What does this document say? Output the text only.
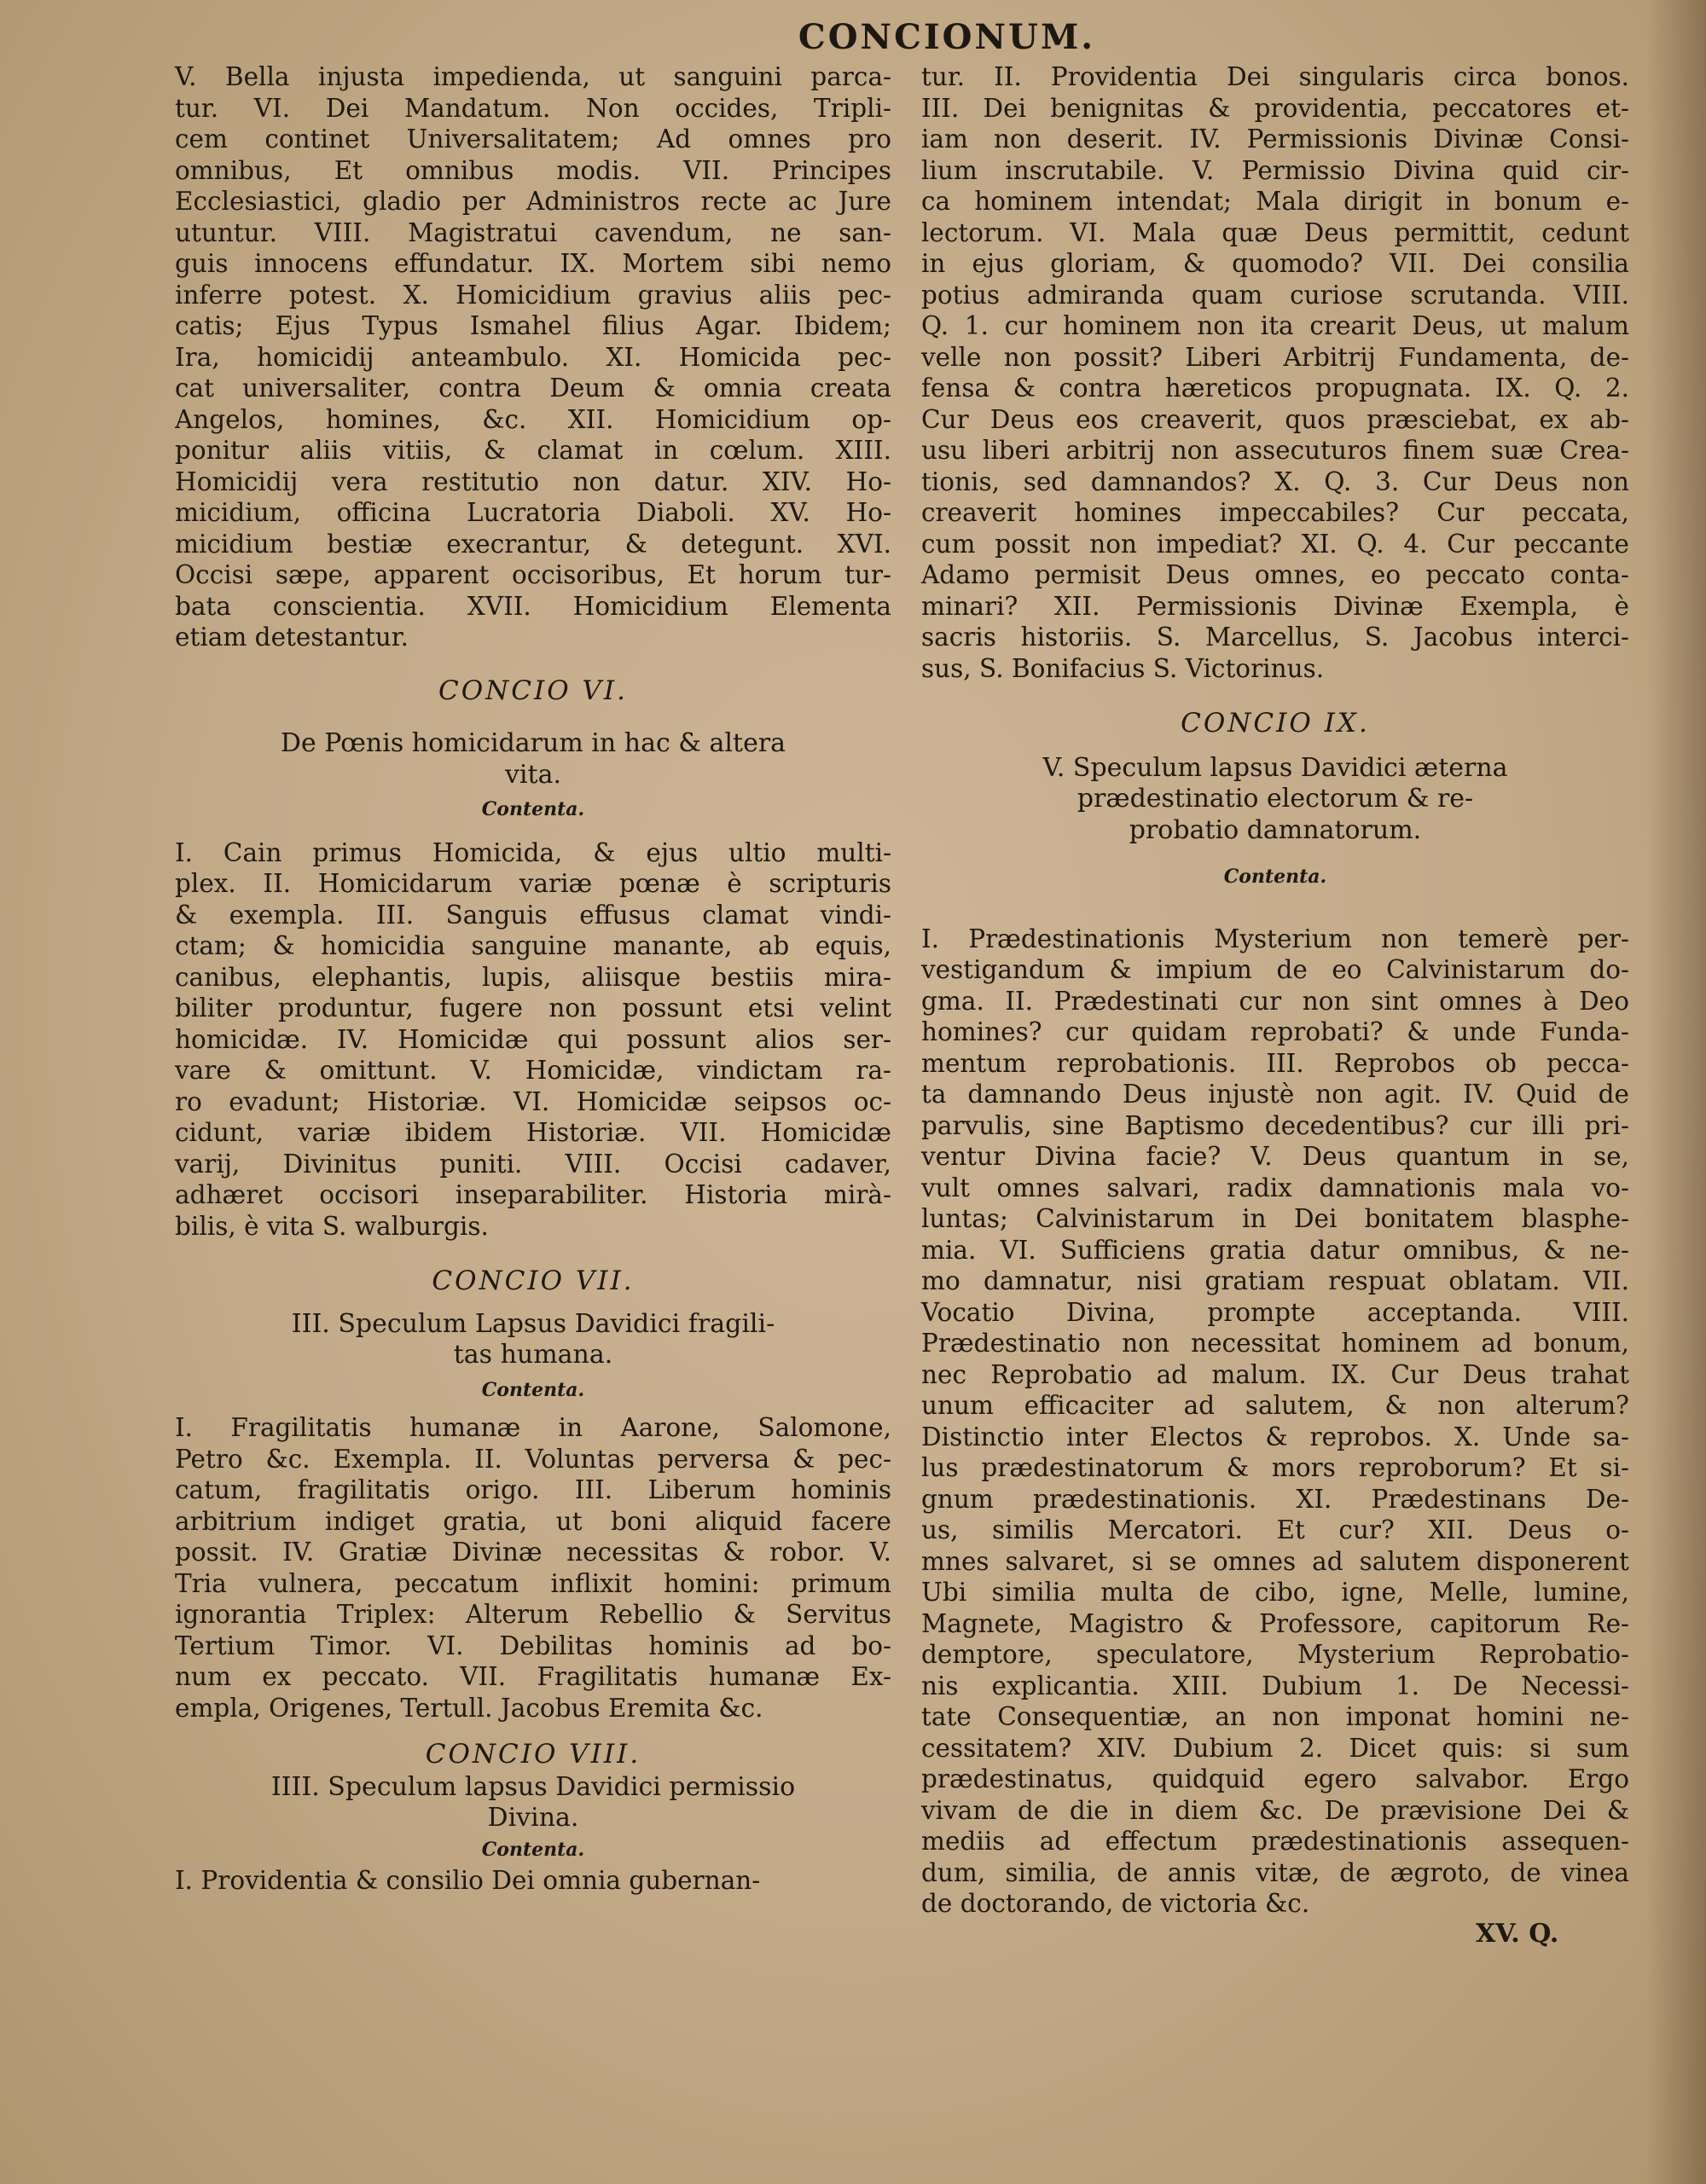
CONCIONUM.
V. Bella injusta impedienda, ut sanguini parca-
tur. VI. Dei Mandatum. Non occides, Tripli-
cem continet Universalitatem; Ad omnes pro
omnibus, Et omnibus modis. VII. Principes
Ecclesiastici, gladio per Administros recte ac Jure
utuntur. VIII. Magistratui cavendum, ne san-
guis innocens effundatur. IX. Mortem sibi nemo
inferre potest. X. Homicidium gravius aliis pec-
catis; Ejus Typus Ismahel filius Agar. Ibidem;
Ira, homicidij anteambulo. XI. Homicida pec-
cat universaliter, contra Deum & omnia creata
Angelos, homines, &c. XII. Homicidium op-
ponitur aliis vitiis, & clamat in cœlum. XIII.
Homicidij vera restitutio non datur. XIV. Ho-
micidium, officina Lucratoria Diaboli. XV. Ho-
micidium bestiæ execrantur, & detegunt. XVI.
Occisi sæpe, apparent occisoribus, Et horum tur-
bata conscientia. XVII. Homicidium Elementa
etiam detestantur.
CONCIO VI.
De Pœnis homicidarum in hac & altera
vita.
Contenta.
I. Cain primus Homicida, & ejus ultio multi-
plex. II. Homicidarum variæ pœnæ è scripturis
& exempla. III. Sanguis effusus clamat vindi-
ctam; & homicidia sanguine manante, ab equis,
canibus, elephantis, lupis, aliisque bestiis mira-
biliter produntur, fugere non possunt etsi velint
homicidæ. IV. Homicidæ qui possunt alios ser-
vare & omittunt. V. Homicidæ, vindictam ra-
ro evadunt; Historiæ. VI. Homicidæ seipsos oc-
cidunt, variæ ibidem Historiæ. VII. Homicidæ
varij, Divinitus puniti. VIII. Occisi cadaver,
adhæret occisori inseparabiliter. Historia mirà-
bilis, è vita S. walburgis.
CONCIO VII.
III. Speculum Lapsus Davidici fragili-
tas humana.
Contenta.
I. Fragilitatis humanæ in Aarone, Salomone,
Petro &c. Exempla. II. Voluntas perversa & pec-
catum, fragilitatis origo. III. Liberum hominis
arbitrium indiget gratia, ut boni aliquid facere
possit. IV. Gratiæ Divinæ necessitas & robor. V.
Tria vulnera, peccatum inflixit homini: primum
ignorantia Triplex: Alterum Rebellio & Servitus
Tertium Timor. VI. Debilitas hominis ad bo-
num ex peccato. VII. Fragilitatis humanæ Ex-
empla, Origenes, Tertull. Jacobus Eremita &c.
CONCIO VIII.
IIII. Speculum lapsus Davidici permissio
Divina.
Contenta.
I. Providentia & consilio Dei omnia gubernan-
tur. II. Providentia Dei singularis circa bonos.
III. Dei benignitas & providentia, peccatores et-
iam non deserit. IV. Permissionis Divinæ Consi-
lium inscrutabile. V. Permissio Divina quid cir-
ca hominem intendat; Mala dirigit in bonum e-
lectorum. VI. Mala quæ Deus permittit, cedunt
in ejus gloriam, & quomodo? VII. Dei consilia
potius admiranda quam curiose scrutanda. VIII.
Q. 1. cur hominem non ita crearit Deus, ut malum
velle non possit? Liberi Arbitrij Fundamenta, de-
fensa & contra hæreticos propugnata. IX. Q. 2.
Cur Deus eos creaverit, quos præsciebat, ex ab-
usu liberi arbitrij non assecuturos finem suæ Crea-
tionis, sed damnandos? X. Q. 3. Cur Deus non
creaverit homines impeccabiles? Cur peccata,
cum possit non impediat? XI. Q. 4. Cur peccante
Adamo permisit Deus omnes, eo peccato conta-
minari? XII. Permissionis Divinæ Exempla, è
sacris historiis. S. Marcellus, S. Jacobus interci-
sus, S. Bonifacius S. Victorinus.
CONCIO IX.
V. Speculum lapsus Davidici æterna
prædestinatio electorum & re-
probatio damnatorum.
Contenta.
I. Prædestinationis Mysterium non temerè per-
vestigandum & impium de eo Calvinistarum do-
gma. II. Prædestinati cur non sint omnes à Deo
homines? cur quidam reprobati? & unde Funda-
mentum reprobationis. III. Reprobos ob pecca-
ta damnando Deus injustè non agit. IV. Quid de
parvulis, sine Baptismo decedentibus? cur illi pri-
ventur Divina facie? V. Deus quantum in se,
vult omnes salvari, radix damnationis mala vo-
luntas; Calvinistarum in Dei bonitatem blasphe-
mia. VI. Sufficiens gratia datur omnibus, & ne-
mo damnatur, nisi gratiam respuat oblatam. VII.
Vocatio Divina, prompte acceptanda. VIII.
Prædestinatio non necessitat hominem ad bonum,
nec Reprobatio ad malum. IX. Cur Deus trahat
unum efficaciter ad salutem, & non alterum?
Distinctio inter Electos & reprobos. X. Unde sa-
lus prædestinatorum & mors reproborum? Et si-
gnum prædestinationis. XI. Prædestinans De-
us, similis Mercatori. Et cur? XII. Deus o-
mnes salvaret, si se omnes ad salutem disponerent
Ubi similia multa de cibo, igne, Melle, lumine,
Magnete, Magistro & Professore, capitorum Re-
demptore, speculatore, Mysterium Reprobatio-
nis explicantia. XIII. Dubium 1. De Necessi-
tate Consequentiæ, an non imponat homini ne-
cessitatem? XIV. Dubium 2. Dicet quis: si sum
prædestinatus, quidquid egero salvabor. Ergo
vivam de die in diem &c. De prævisione Dei &
mediis ad effectum prædestinationis assequen-
dum, similia, de annis vitæ, de ægroto, de vinea
de doctorando, de victoria &c.
XV. Q.
